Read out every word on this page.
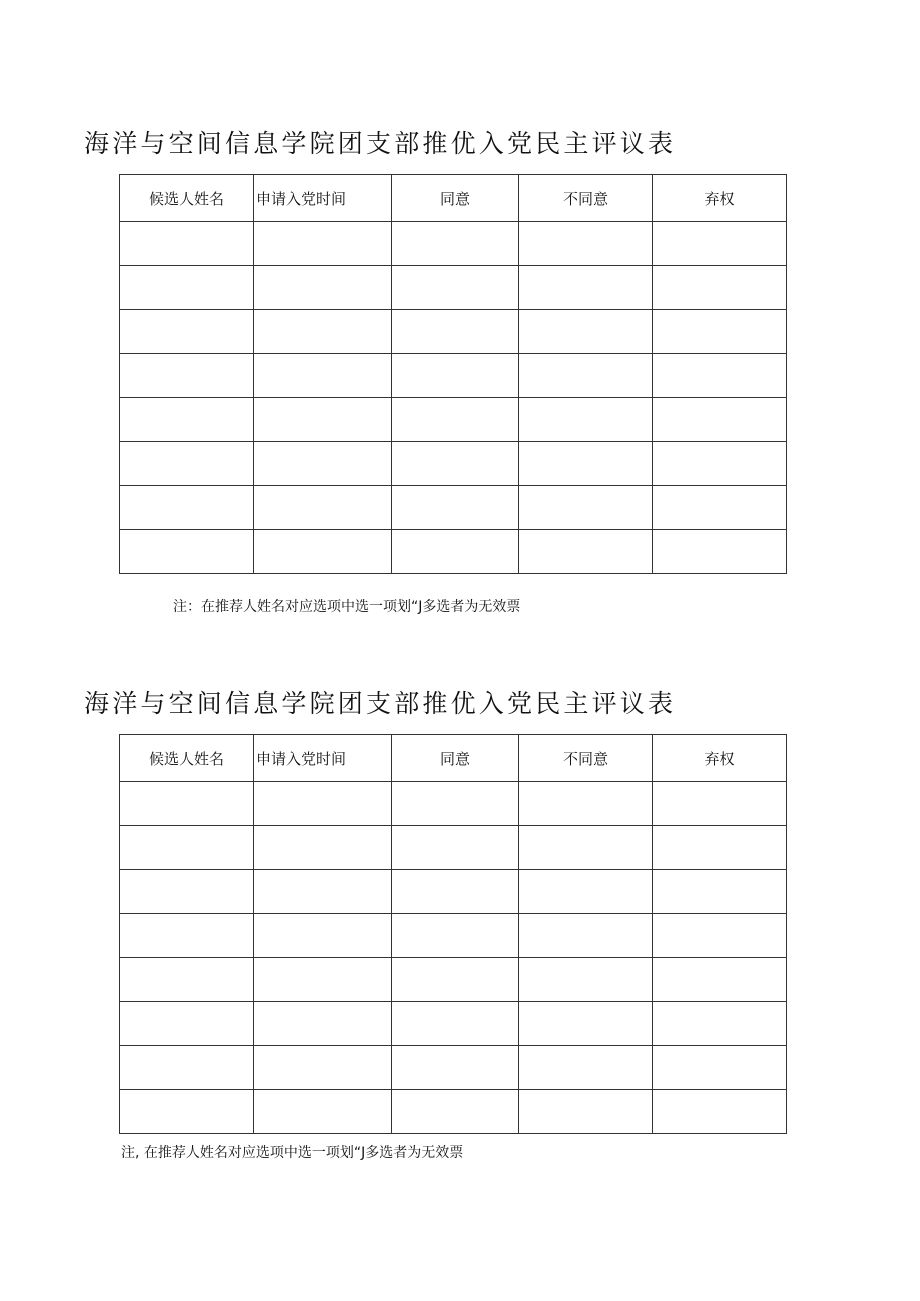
海洋与空间信息学院团支部推优入党民主评议表
候选人姓名	申请入党时间	同意	不同意	弃权

注：在推荐人姓名对应选项中选一项划“J多选者为无效票

海洋与空间信息学院团支部推优入党民主评议表
候选人姓名	申请入党时间	同意	不同意	弃权

注, 在推荐人姓名对应选项中选一项划“J多选者为无效票
